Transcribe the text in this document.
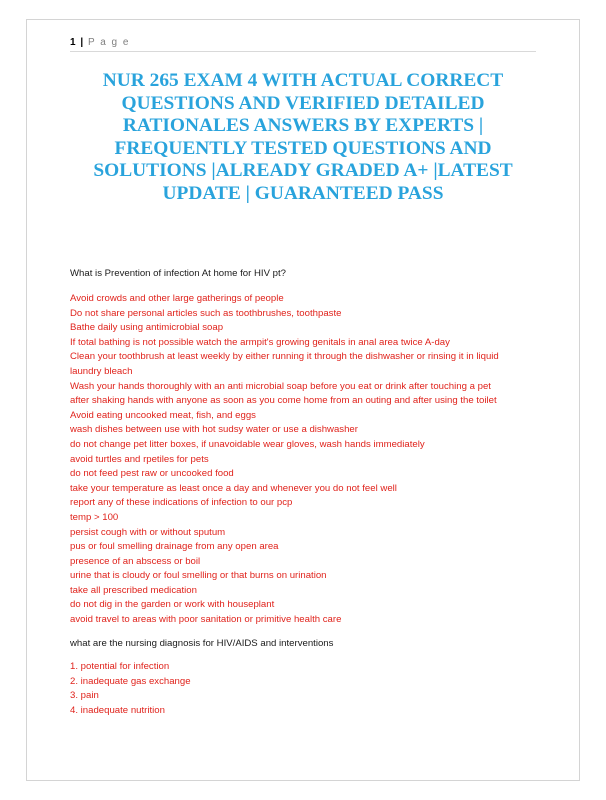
1 | P a g e
NUR 265 EXAM 4 WITH ACTUAL CORRECT QUESTIONS AND VERIFIED DETAILED RATIONALES ANSWERS BY EXPERTS | FREQUENTLY TESTED QUESTIONS AND SOLUTIONS |ALREADY GRADED A+ |LATEST UPDATE | GUARANTEED PASS

What is Prevention of infection At home for HIV pt?

Avoid crowds and other large gatherings of people
Do not share personal articles such as toothbrushes, toothpaste
Bathe daily using antimicrobial soap
If total bathing is not possible watch the armpit's growing genitals in anal area twice A-day
Clean your toothbrush at least weekly by either running it through the dishwasher or rinsing it in liquid
laundry bleach
Wash your hands thoroughly with an anti microbial soap before you eat or drink after touching a pet
after shaking hands with anyone as soon as you come home from an outing and after using the toilet
Avoid eating uncooked meat, fish, and eggs
wash dishes between use with hot sudsy water or use a dishwasher
do not change pet litter boxes, if unavoidable wear gloves, wash hands immediately
avoid turtles and rpetiles for pets
do not feed pest raw or uncooked food
take your temperature as least once a day and whenever you do not feel well
report any of these indications of infection to our pcp
temp > 100
persist cough with or without sputum
pus or foul smelling drainage from any open area
presence of an abscess or boil
urine that is cloudy or foul smelling or that burns on urination
take all prescribed medication
do not dig in the garden or work with houseplant
avoid travel to areas with poor sanitation or primitive health care

what are the nursing diagnosis for HIV/AIDS and interventions

1. potential for infection
2. inadequate gas exchange
3. pain
4. inadequate nutrition
